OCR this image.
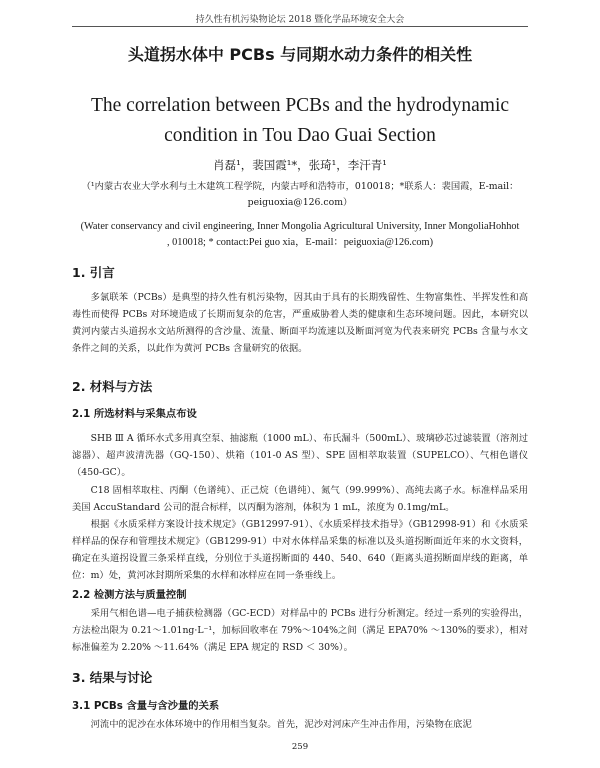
持久性有机污染物论坛 2018 暨化学品环境安全大会
头道拐水体中 PCBs 与同期水动力条件的相关性
The correlation between PCBs and the hydrodynamic condition in Tou Dao Guai Section
肖磊¹，裴国霞¹*，张琦¹，李汗青¹
（¹内蒙古农业大学水利与土木建筑工程学院，内蒙古呼和浩特市，010018；*联系人：裴国霞，E-mail：peiguoxia@126.com）
(Water conservancy and civil engineering, Inner Mongolia Agricultural University, Inner MongoliaHohhot , 010018; * contact:Pei guo xia，E-mail：peiguoxia@126.com)
1. 引言
多氯联苯（PCBs）是典型的持久性有机污染物，因其由于具有的长期残留性、生物富集性、半挥发性和高毒性而使得 PCBs 对环境造成了长期而复杂的危害，严重威胁着人类的健康和生态环境问题。因此，本研究以黄河内蒙古头道拐水文站所测得的含沙量、流量、断面平均流速以及断面河宽为代表来研究 PCBs 含量与水文条件之间的关系，以此作为黄河 PCBs 含量研究的依据。
2. 材料与方法
2.1 所选材料与采集点布设
SHB Ⅲ A 循环水式多用真空泵、抽滤瓶（1000 mL）、布氏漏斗（500mL）、玻璃砂芯过滤装置（溶剂过滤器）、超声波清洗器（GQ-150）、烘箱（101-0 AS 型）、SPE 固相萃取装置（SUPELCO）、气相色谱仪（450-GC）。
C18 固相萃取柱、丙酮（色谱纯）、正己烷（色谱纯）、氮气（99.999%）、高纯去离子水。标准样品采用美国 AccuStandard 公司的混合标样，以丙酮为溶剂，体积为 1 mL，浓度为 0.1mg/mL。
根据《水质采样方案设计技术规定》（GB12997-91）、《水质采样技术指导》（GB12998-91）和《水质采样样品的保存和管理技术规定》（GB1299-91）中对水体样品采集的标准以及头道拐断面近年来的水文资料，确定在头道拐设置三条采样直线，分别位于头道拐断面的 440、540、640（距离头道拐断面岸线的距离，单位：m）处，黄河冰封期所采集的水样和冰样应在同一条垂线上。
2.2 检测方法与质量控制
采用气相色谱—电子捕获检测器（GC-ECD）对样品中的 PCBs 进行分析测定。经过一系列的实验得出，方法检出限为 0.21～1.01ng·L⁻¹，加标回收率在 79%～104%之间（满足 EPA70% ～130%的要求），相对标准偏差为 2.20% ～11.64%（满足 EPA 规定的 RSD ＜ 30%）。
3. 结果与讨论
3.1 PCBs 含量与含沙量的关系
河流中的泥沙在水体环境中的作用相当复杂。首先，泥沙对河床产生冲击作用，污染物在底泥
259
